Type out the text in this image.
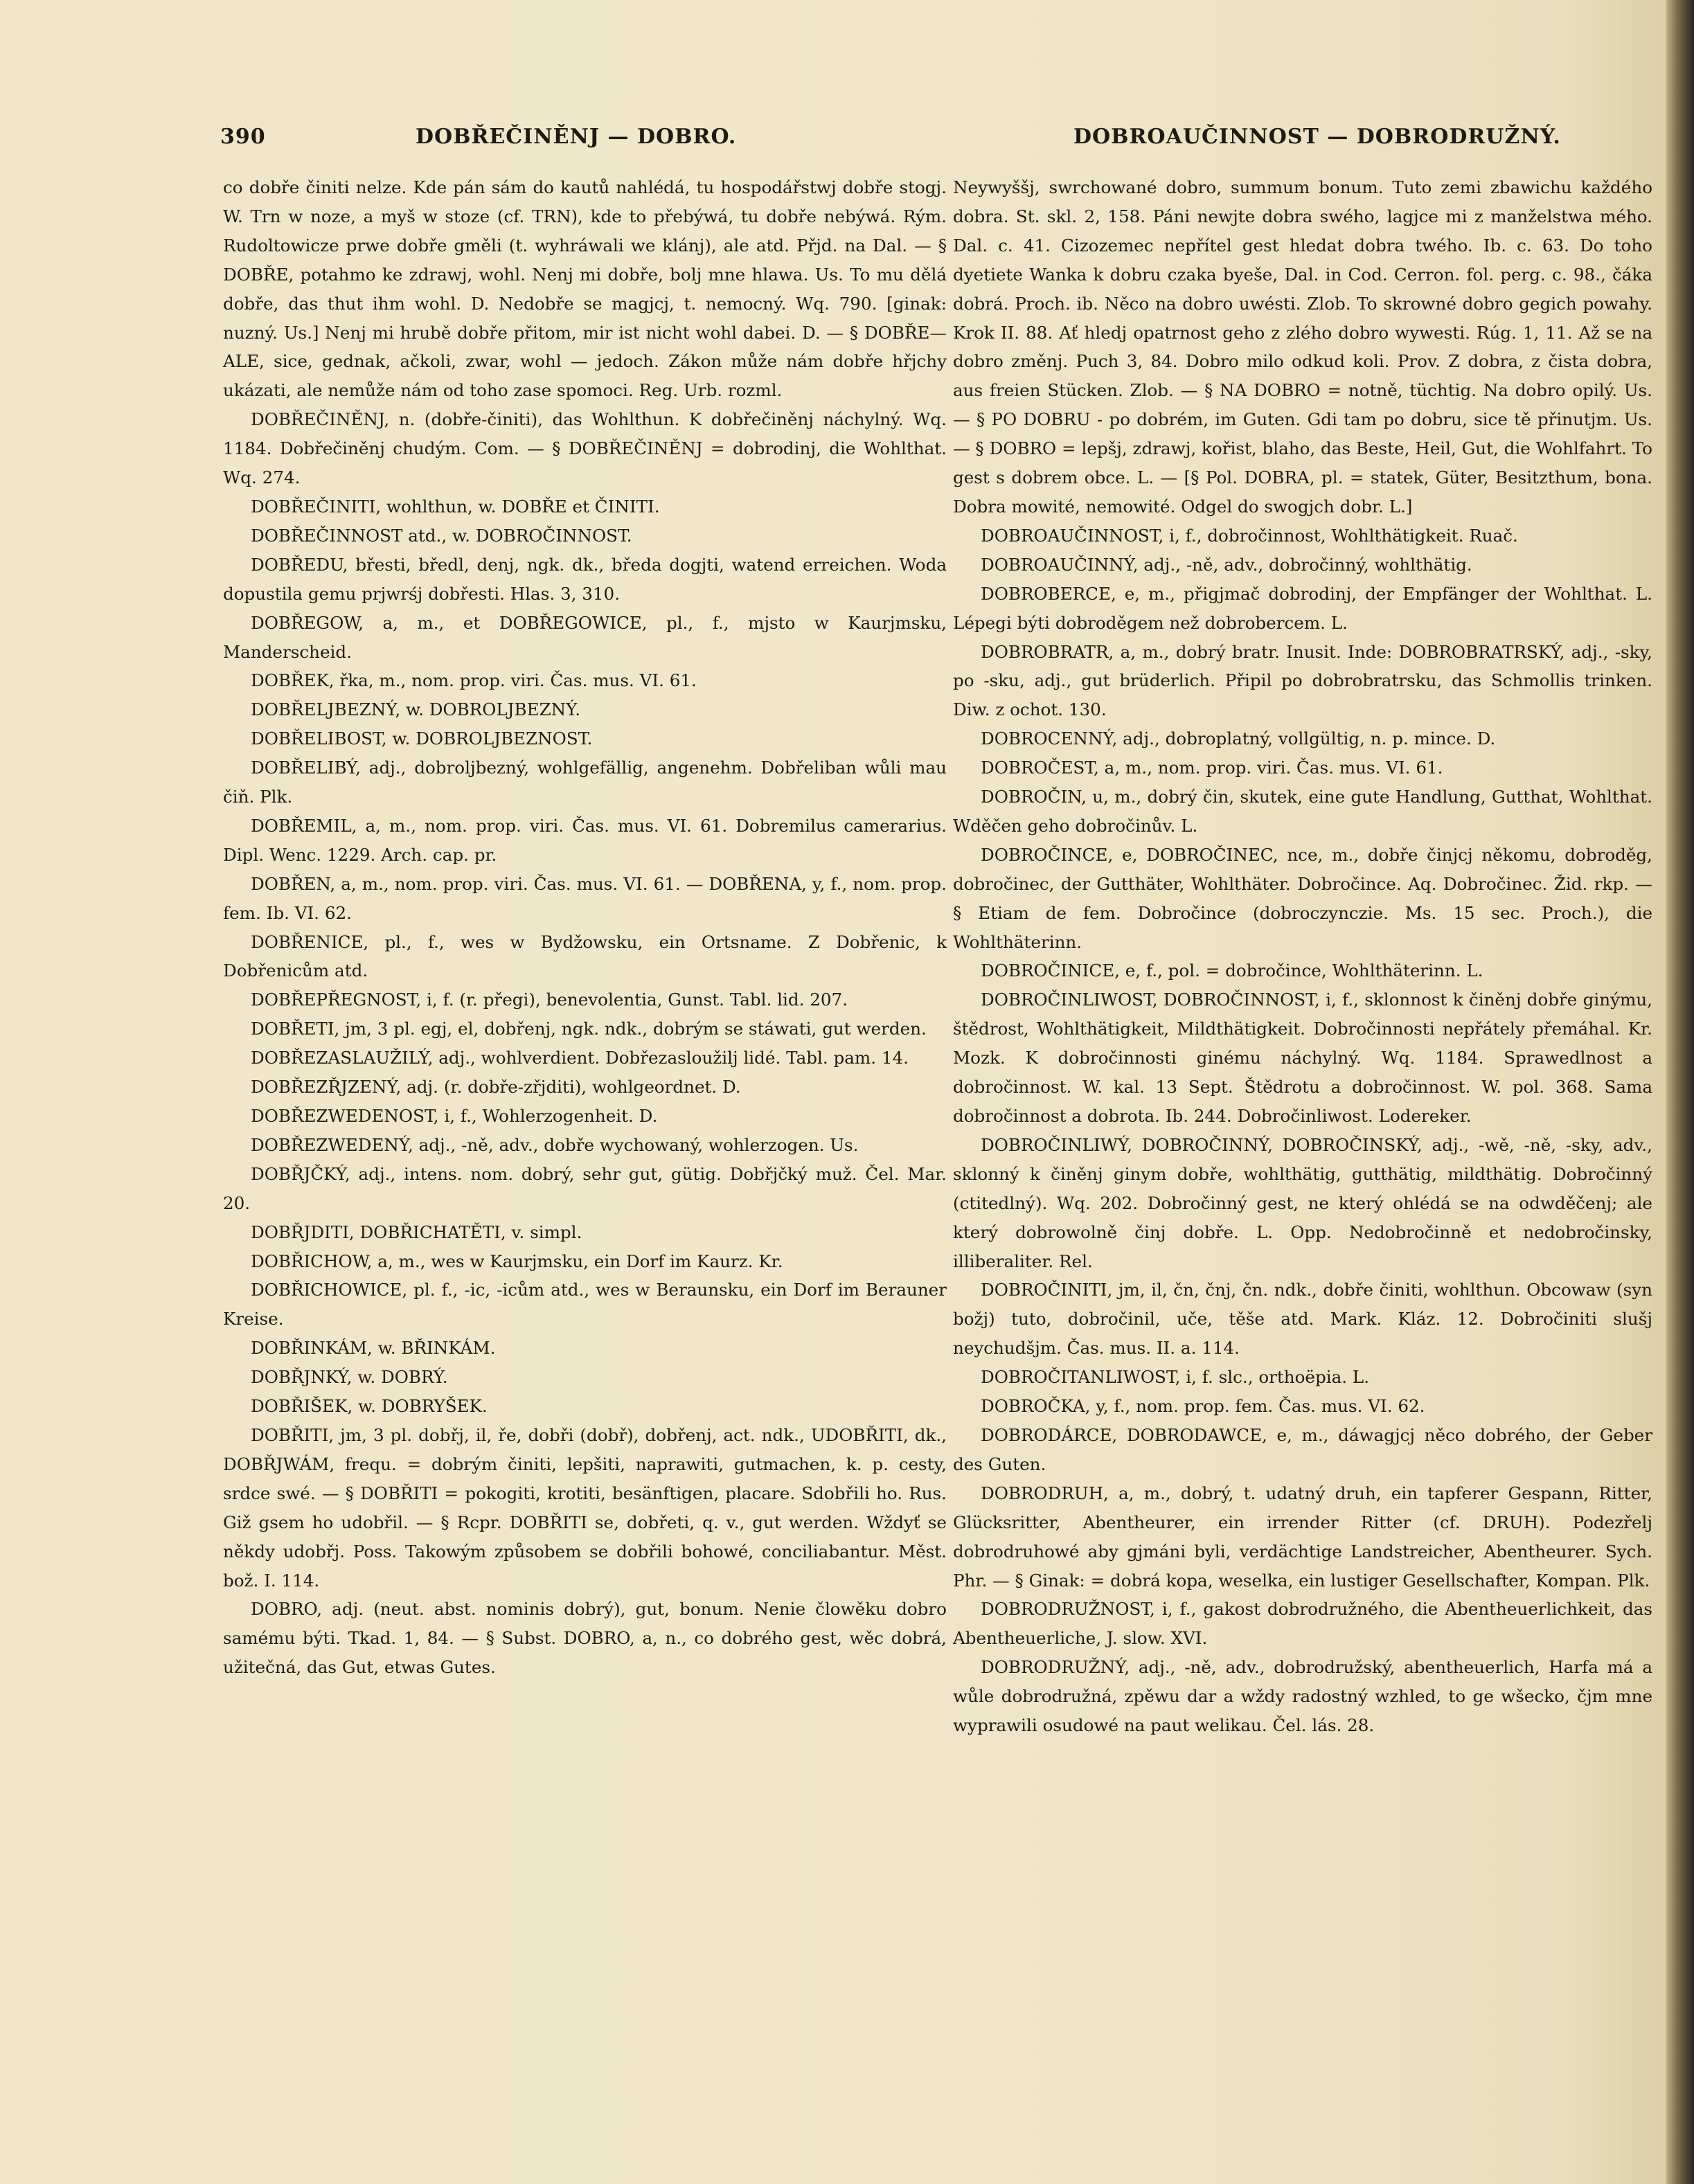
390	DOBŘEČINĚNJ — DOBRO.	DOBROAUČINNOST — DOBRODRUŽNÝ.

co dobře činiti nelze. Kde pán sám do kautů nahlédá, tu hospodářstwj dobře stogj. W. Trn w noze, a myš w stoze (cf. TRN), kde to přebýwá, tu dobře nebýwá. Rým. Rudoltowicze prwe dobře gměli (t. wyhráwali we klánj), ale atd. Přjd. na Dal. — § DOBŘE, potahmo ke zdrawj, wohl. Nenj mi dobře, bolj mne hlawa. Us. To mu dělá dobře, das thut ihm wohl. D. Nedobře se magjcj, t. nemocný. Wq. 790. [ginak: nuzný. Us.] Nenj mi hrubě dobře přitom, mir ist nicht wohl dabei. D. — § DOBŘE—ALE, sice, gednak, ačkoli, zwar, wohl — jedoch. Zákon může nám dobře hřjchy ukázati, ale nemůže nám od toho zase spomoci. Reg. Urb. rozml.

DOBŘEČINĚNJ, n. (dobře-činiti), das Wohlthun. K dobřečiněnj náchylný. Wq. 1184. Dobřečiněnj chudým. Com. — § DOBŘEČINĚNJ = dobrodinj, die Wohlthat. Wq. 274.

DOBŘEČINITI, wohlthun, w. DOBŘE et ČINITI.

DOBŘEČINNOST atd., w. DOBROČINNOST.

DOBŘEDU, břesti, bředl, denj, ngk. dk., bředa dogjti, watend erreichen. Woda dopustila gemu prjwrśj dobřesti. Hlas. 3, 310.

DOBŘEGOW, a, m., et DOBŘEGOWICE, pl., f., mjsto w Kaurjmsku, Manderscheid.

DOBŘEK, řka, m., nom. prop. viri. Čas. mus. VI. 61.

DOBŘELJBEZNÝ, w. DOBROLJBEZNÝ.

DOBŘELIBOST, w. DOBROLJBEZNOST.

DOBŘELIBÝ, adj., dobroljbezný, wohlgefällig, angenehm. Dobřeliban wůli mau čiň. Plk.

DOBŘEMIL, a, m., nom. prop. viri. Čas. mus. VI. 61. Dobremilus camerarius. Dipl. Wenc. 1229. Arch. cap. pr.

DOBŘEN, a, m., nom. prop. viri. Čas. mus. VI. 61. — DOBŘENA, y, f., nom. prop. fem. Ib. VI. 62.

DOBŘENICE, pl., f., wes w Bydžowsku, ein Ortsname. Z Dobřenic, k Dobřenicům atd.

DOBŘEPŘEGNOST, i, f. (r. přegi), benevolentia, Gunst. Tabl. lid. 207.

DOBŘETI, jm, 3 pl. egj, el, dobřenj, ngk. ndk., dobrým se stáwati, gut werden.

DOBŘEZASLAUŽILÝ, adj., wohlverdient. Dobřezasloužilj lidé. Tabl. pam. 14.

DOBŘEZŘJZENÝ, adj. (r. dobře-zřjditi), wohlgeordnet. D.

DOBŘEZWEDENOST, i, f., Wohlerzogenheit. D.

DOBŘEZWEDENÝ, adj., -ně, adv., dobře wychowaný, wohlerzogen. Us.

DOBŘJČKÝ, adj., intens. nom. dobrý, sehr gut, gütig. Dobřjčký muž. Čel. Mar. 20.

DOBŘJDITI, DOBŘICHATĚTI, v. simpl.

DOBŘICHOW, a, m., wes w Kaurjmsku, ein Dorf im Kaurz. Kr.

DOBŘICHOWICE, pl. f., -ic, -icům atd., wes w Beraunsku, ein Dorf im Berauner Kreise.

DOBŘINKÁM, w. BŘINKÁM.

DOBŘJNKÝ, w. DOBRÝ.

DOBŘIŠEK, w. DOBRYŠEK.

DOBŘITI, jm, 3 pl. dobřj, il, ře, dobři (dobř), dobřenj, act. ndk., UDOBŘITI, dk., DOBŘJWÁM, frequ. = dobrým činiti, lepšiti, naprawiti, gutmachen, k. p. cesty, srdce swé. — § DOBŘITI = pokogiti, krotiti, besänftigen, placare. Sdobřili ho. Rus. Giž gsem ho udobřil. — § Rcpr. DOBŘITI se, dobřeti, q. v., gut werden. Wždyť se někdy udobřj. Poss. Takowým způsobem se dobřili bohowé, conciliabantur. Měst. bož. I. 114.

DOBRO, adj. (neut. abst. nominis dobrý), gut, bonum. Nenie člowěku dobro samému býti. Tkad. 1, 84. — § Subst. DOBRO, a, n., co dobrého gest, wěc dobrá, užitečná, das Gut, etwas Gutes.

Neywyššj, swrchowané dobro, summum bonum. Tuto zemi zbawichu každého dobra. St. skl. 2, 158. Páni newjte dobra swého, lagjce mi z manželstwa mého. Dal. c. 41. Cizozemec nepřítel gest hledat dobra twého. Ib. c. 63. Do toho dyetiete Wanka k dobru czaka byeše, Dal. in Cod. Cerron. fol. perg. c. 98., čáka dobrá. Proch. ib. Něco na dobro uwésti. Zlob. To skrowné dobro gegich powahy. Krok II. 88. Ať hledj opatrnost geho z zlého dobro wywesti. Rúg. 1, 11. Až se na dobro změnj. Puch 3, 84. Dobro milo odkud koli. Prov. Z dobra, z čista dobra, aus freien Stücken. Zlob. — § NA DOBRO = notně, tüchtig. Na dobro opilý. Us. — § PO DOBRU - po dobrém, im Guten. Gdi tam po dobru, sice tě přinutjm. Us. — § DOBRO = lepšj, zdrawj, kořist, blaho, das Beste, Heil, Gut, die Wohlfahrt. To gest s dobrem obce. L. — [§ Pol. DOBRA, pl. = statek, Güter, Besitzthum, bona. Dobra mowité, nemowité. Odgel do swogjch dobr. L.]

DOBROAUČINNOST, i, f., dobročinnost, Wohlthätigkeit. Ruač.

DOBROAUČINNÝ, adj., -ně, adv., dobročinný, wohlthätig.

DOBROBERCE, e, m., přigjmač dobrodinj, der Empfänger der Wohlthat. L. Lépegi býti dobroděgem než dobrobercem. L.

DOBROBRATR, a, m., dobrý bratr. Inusit. Inde: DOBROBRATRSKÝ, adj., -sky, po -sku, adj., gut brüderlich. Připil po dobrobratrsku, das Schmollis trinken. Diw. z ochot. 130.

DOBROCENNÝ, adj., dobroplatný, vollgültig, n. p. mince. D.

DOBROČEST, a, m., nom. prop. viri. Čas. mus. VI. 61.

DOBROČIN, u, m., dobrý čin, skutek, eine gute Handlung, Gutthat, Wohlthat. Wděčen geho dobročinův. L.

DOBROČINCE, e, DOBROČINEC, nce, m., dobře činjcj někomu, dobroděg, dobročinec, der Gutthäter, Wohlthäter. Dobročince. Aq. Dobročinec. Žid. rkp. — § Etiam de fem. Dobročince (dobroczynczie. Ms. 15 sec. Proch.), die Wohlthäterinn.

DOBROČINICE, e, f., pol. = dobročince, Wohlthäterinn. L.

DOBROČINLIWOST, DOBROČINNOST, i, f., sklonnost k činěnj dobře ginýmu, štědrost, Wohlthätigkeit, Mildthätigkeit. Dobročinnosti nepřátely přemáhal. Kr. Mozk. K dobročinnosti ginému náchylný. Wq. 1184. Sprawedlnost a dobročinnost. W. kal. 13 Sept. Štědrotu a dobročinnost. W. pol. 368. Sama dobročinnost a dobrota. Ib. 244. Dobročinliwost. Lodereker.

DOBROČINLIWÝ, DOBROČINNÝ, DOBROČINSKÝ, adj., -wě, -ně, -sky, adv., sklonný k činěnj ginym dobře, wohlthätig, gutthätig, mildthätig. Dobročinný (ctitedlný). Wq. 202. Dobročinný gest, ne který ohlédá se na odwděčenj; ale který dobrowolně činj dobře. L. Opp. Nedobročinně et nedobročinsky, illiberaliter. Rel.

DOBROČINITI, jm, il, čn, čnj, čn. ndk., dobře činiti, wohlthun. Obcowaw (syn božj) tuto, dobročinil, uče, těše atd. Mark. Kláz. 12. Dobročiniti slušj neychudšjm. Čas. mus. II. a. 114.

DOBROČITANLIWOST, i, f. slc., orthoëpia. L.

DOBROČKA, y, f., nom. prop. fem. Čas. mus. VI. 62.

DOBRODÁRCE, DOBRODAWCE, e, m., dáwagjcj něco dobrého, der Geber des Guten.

DOBRODRUH, a, m., dobrý, t. udatný druh, ein tapferer Gespann, Ritter, Glücksritter, Abentheurer, ein irrender Ritter (cf. DRUH). Podezřelj dobrodruhowé aby gjmáni byli, verdächtige Landstreicher, Abentheurer. Sych. Phr. — § Ginak: = dobrá kopa, weselka, ein lustiger Gesellschafter, Kompan. Plk.

DOBRODRUŽNOST, i, f., gakost dobrodružného, die Abentheuerlichkeit, das Abentheuerliche, J. slow. XVI.

DOBRODRUŽNÝ, adj., -ně, adv., dobrodružský, abentheuerlich, Harfa má a wůle dobrodružná, zpěwu dar a wždy radostný wzhled, to ge wšecko, čjm mne wyprawili osudowé na paut welikau. Čel. lás. 28.
